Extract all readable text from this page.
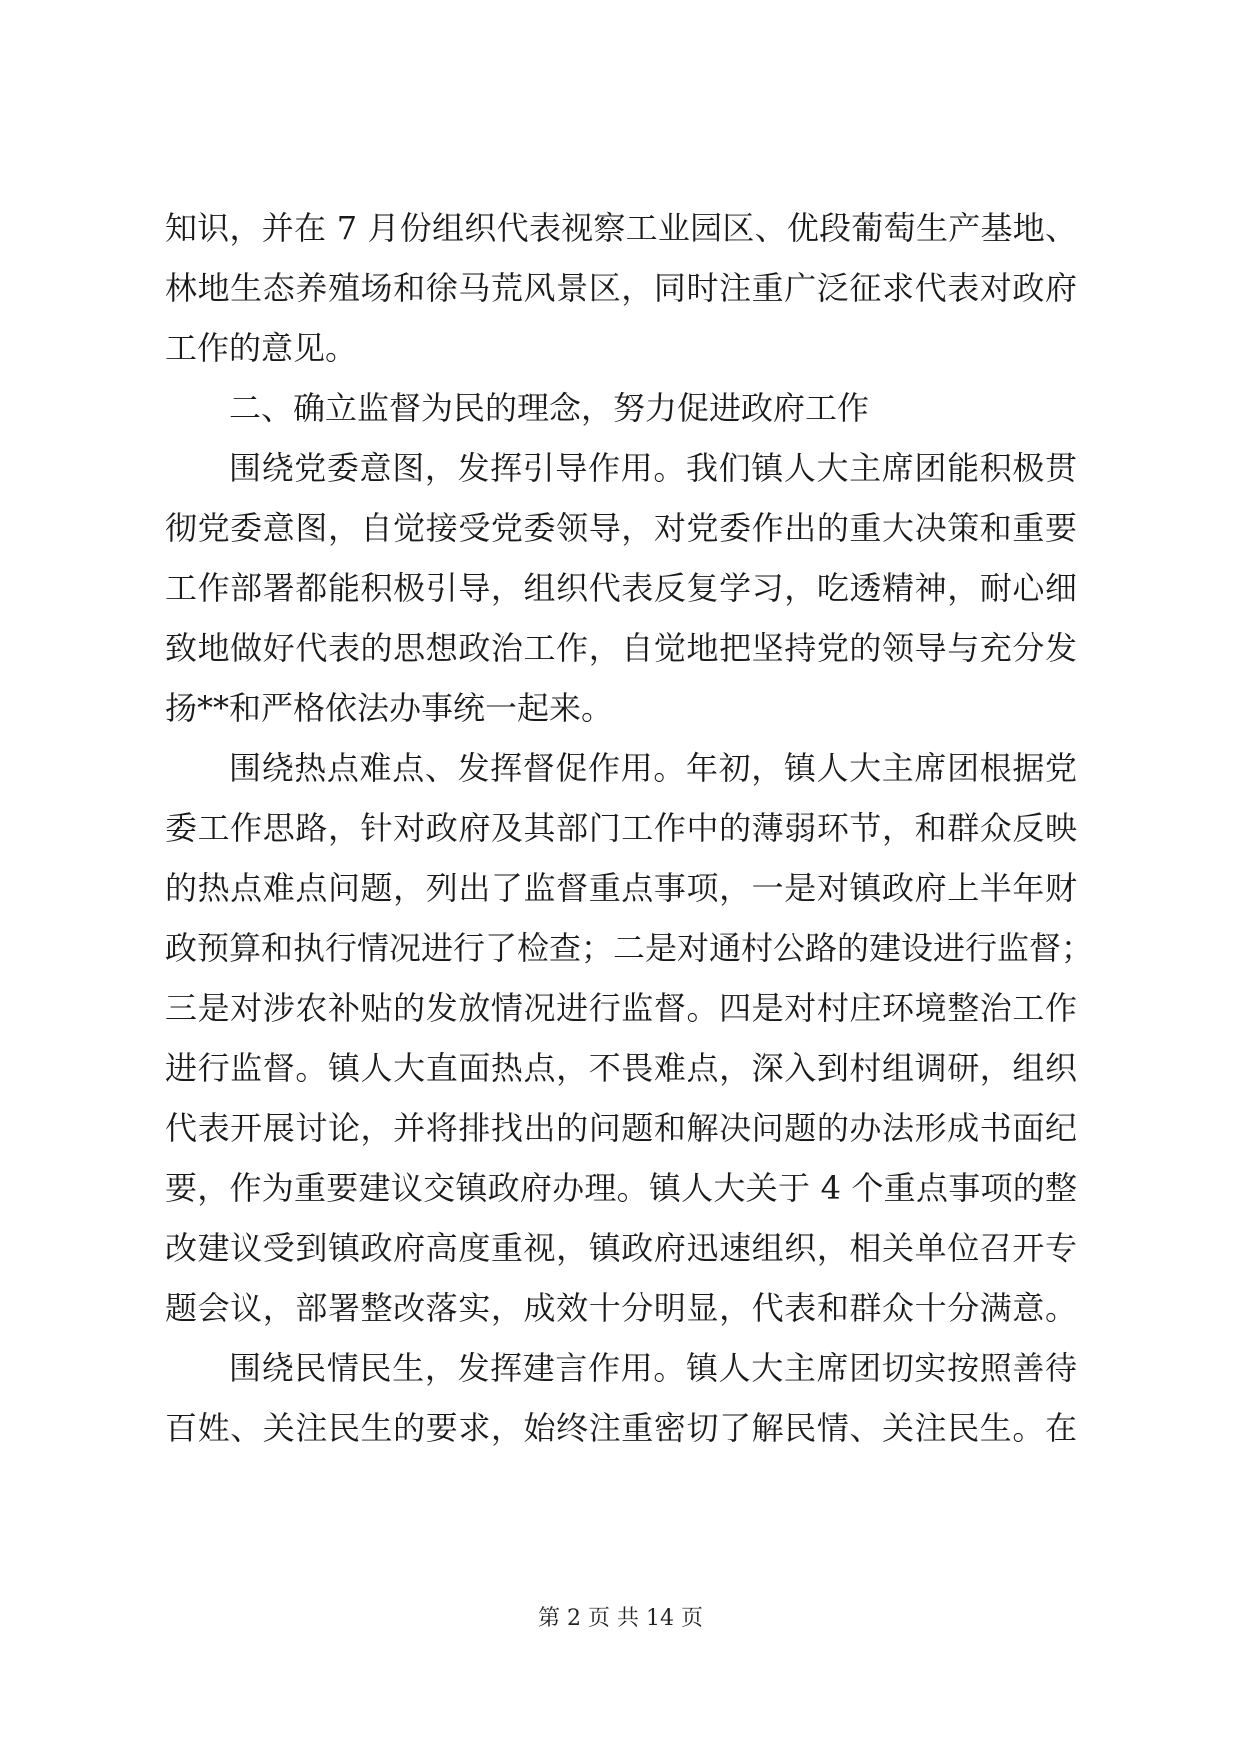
知识，并在 7 月份组织代表视察工业园区、优段葡萄生产基地、
林地生态养殖场和徐马荒风景区，同时注重广泛征求代表对政府
工作的意见。
二、确立监督为民的理念，努力促进政府工作
围绕党委意图，发挥引导作用。我们镇人大主席团能积极贯
彻党委意图，自觉接受党委领导，对党委作出的重大决策和重要
工作部署都能积极引导，组织代表反复学习，吃透精神，耐心细
致地做好代表的思想政治工作，自觉地把坚持党的领导与充分发
扬**和严格依法办事统一起来。
围绕热点难点、发挥督促作用。年初，镇人大主席团根据党
委工作思路，针对政府及其部门工作中的薄弱环节，和群众反映
的热点难点问题，列出了监督重点事项，一是对镇政府上半年财
政预算和执行情况进行了检查；二是对通村公路的建设进行监督；
三是对涉农补贴的发放情况进行监督。四是对村庄环境整治工作
进行监督。镇人大直面热点，不畏难点，深入到村组调研，组织
代表开展讨论，并将排找出的问题和解决问题的办法形成书面纪
要，作为重要建议交镇政府办理。镇人大关于 4 个重点事项的整
改建议受到镇政府高度重视，镇政府迅速组织，相关单位召开专
题会议，部署整改落实，成效十分明显，代表和群众十分满意。
围绕民情民生，发挥建言作用。镇人大主席团切实按照善待
百姓、关注民生的要求，始终注重密切了解民情、关注民生。在
第 2 页 共 14 页
